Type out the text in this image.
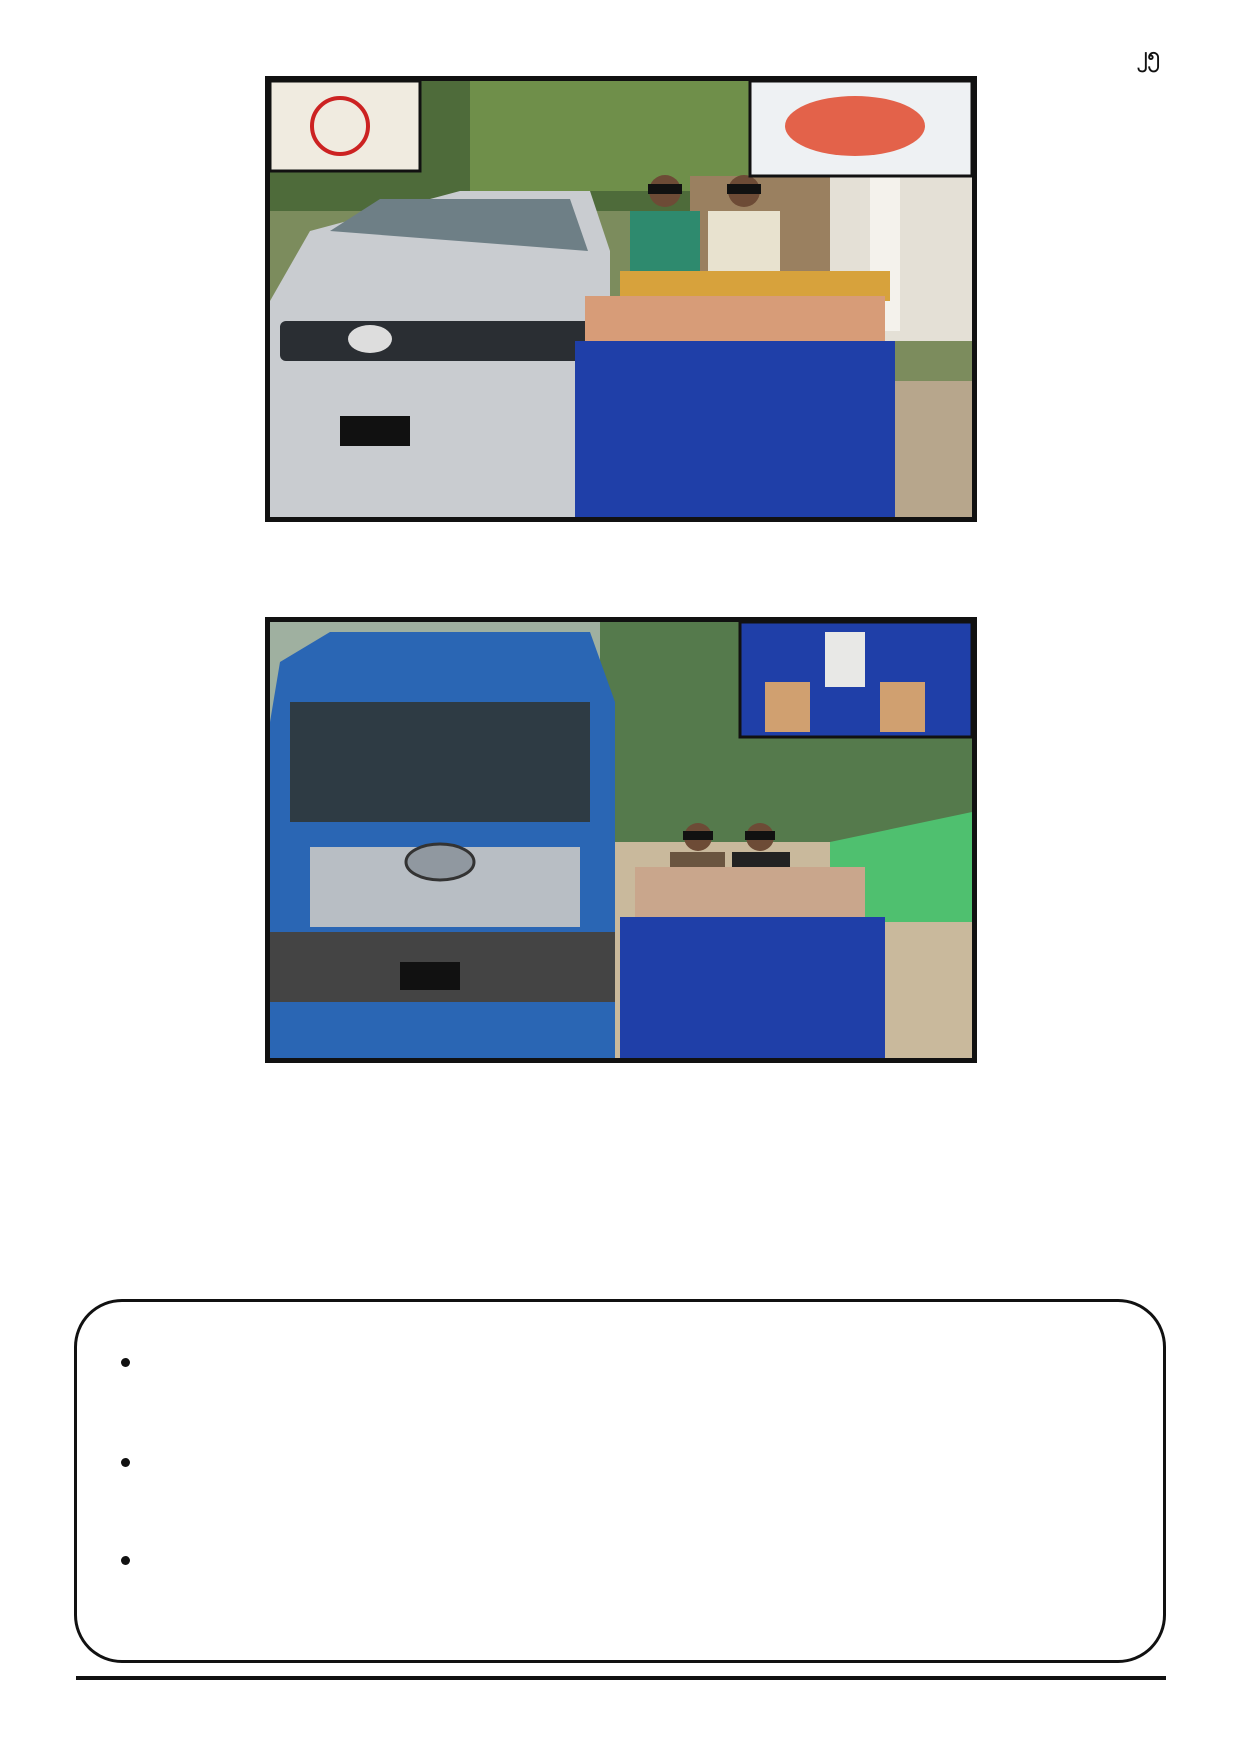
၂၅
